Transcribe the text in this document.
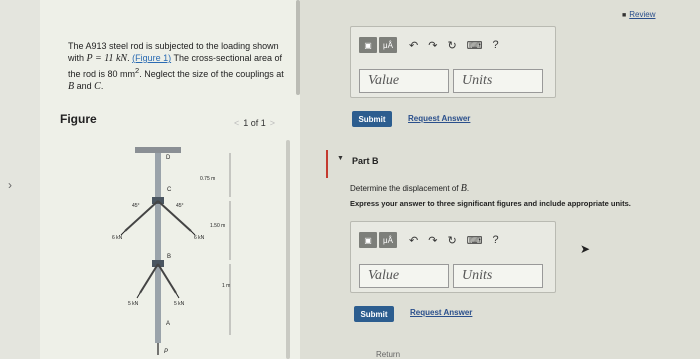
›
The A913 steel rod is subjected to the loading shown with P = 11 kN. (Figure 1) The cross-sectional area of the rod is 80 $mm^2$. Neglect the size of the couplings at B and C.
Figure	< 1 of 1 >
D
C
B
A
P
45°	45°
0.75 m
1.50 m
1 m
6 kN	6 kN
5 kN	5 kN
■ Review
▣	μÅ	↶ ↷ ↻ ⌨ ?
Value	Units
Submit	Request Answer
▼ Part B
Determine the displacement of B.
Express your answer to three significant figures and include appropriate units.
▣	μÅ	↶ ↷ ↻ ⌨ ?
Value	Units
Submit	Request Answer
➤
Return
